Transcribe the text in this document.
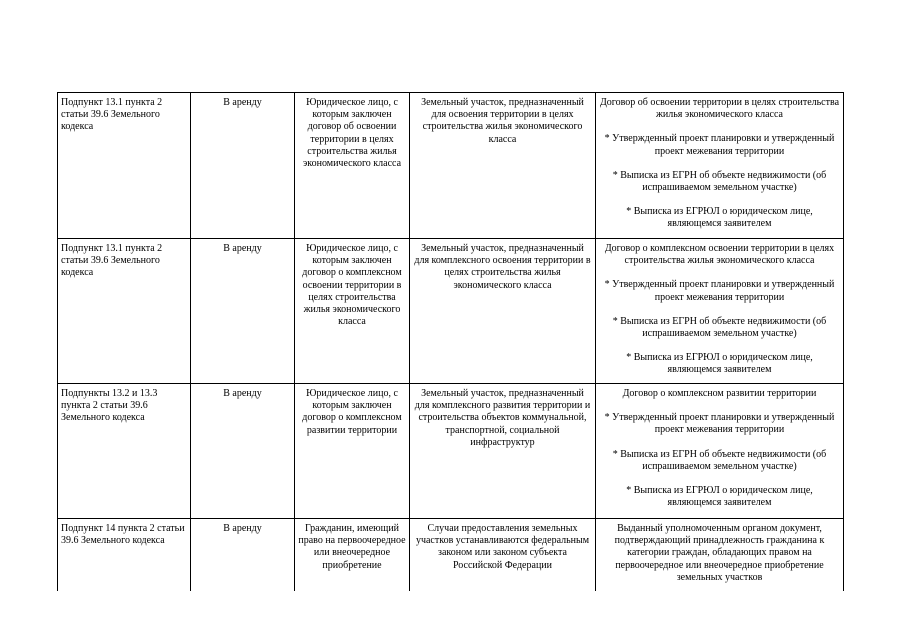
Подпункт 13.1 пункта 2 статьи 39.6 Земельного кодекса	В аренду	Юридическое лицо, с которым заключен договор об освоении территории в целях строительства жилья экономического класса	Земельный участок, предназначенный для освоения территории в целях строительства жилья экономического класса	Договор об освоении территории в целях строительства жилья экономического класса

* Утвержденный проект планировки и утвержденный проект межевания территории

* Выписка из ЕГРН об объекте недвижимости (об испрашиваемом земельном участке)

* Выписка из ЕГРЮЛ о юридическом лице, являющемся заявителем

Подпункт 13.1 пункта 2 статьи 39.6 Земельного кодекса	В аренду	Юридическое лицо, с которым заключен договор о комплексном освоении территории в целях строительства жилья экономического класса	Земельный участок, предназначенный для комплексного освоения территории в целях строительства жилья экономического класса	Договор о комплексном освоении территории в целях строительства жилья экономического класса

* Утвержденный проект планировки и утвержденный проект межевания территории

* Выписка из ЕГРН об объекте недвижимости (об испрашиваемом земельном участке)

* Выписка из ЕГРЮЛ о юридическом лице, являющемся заявителем

Подпункты 13.2 и 13.3 пункта 2 статьи 39.6 Земельного кодекса	В аренду	Юридическое лицо, с которым заключен договор о комплексном развитии территории	Земельный участок, предназначенный для комплексного развития территории и строительства объектов коммунальной, транспортной, социальной инфраструктур	Договор о комплексном развитии территории

* Утвержденный проект планировки и утвержденный проект межевания территории

* Выписка из ЕГРН об объекте недвижимости (об испрашиваемом земельном участке)

* Выписка из ЕГРЮЛ о юридическом лице, являющемся заявителем

Подпункт 14 пункта 2 статьи 39.6 Земельного кодекса	В аренду	Гражданин, имеющий право на первоочередное или внеочередное приобретение	Случаи предоставления земельных участков устанавливаются федеральным законом или законом субъекта Российской Федерации	Выданный уполномоченным органом документ, подтверждающий принадлежность гражданина к категории граждан, обладающих правом на первоочередное или внеочередное приобретение земельных участков
